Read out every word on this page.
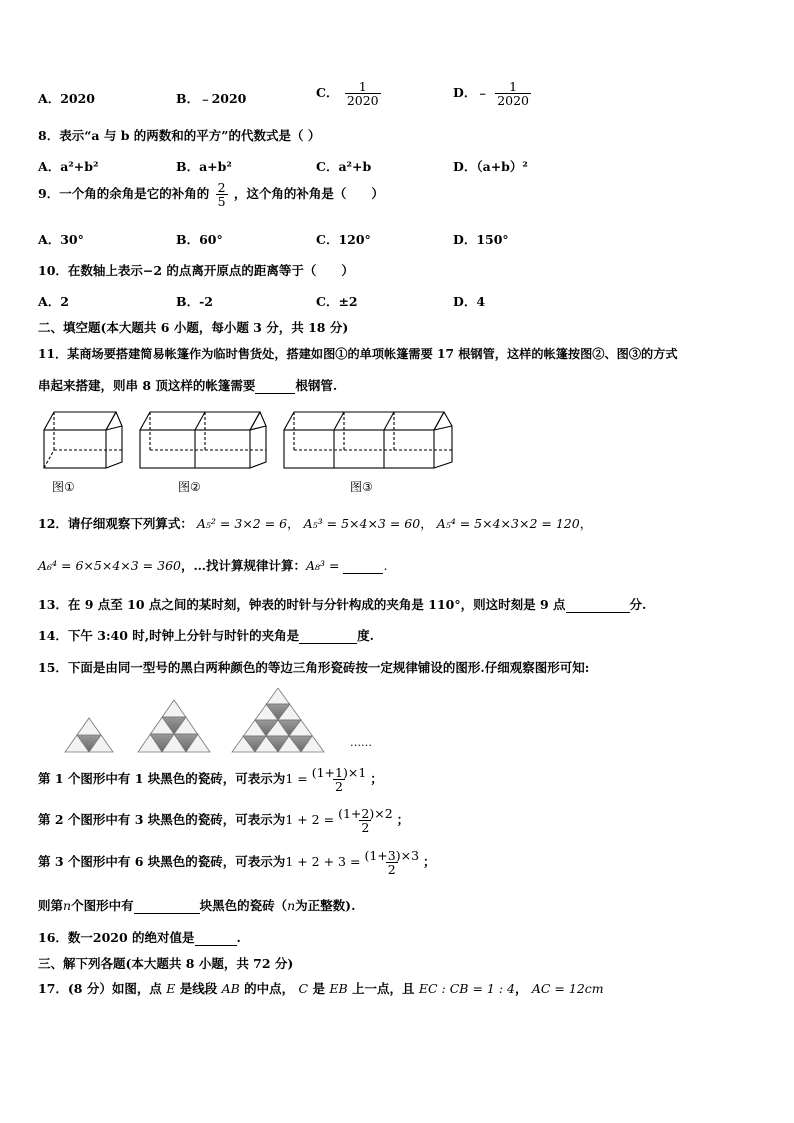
A．2020	B．﹣2020	C． $\frac{1}{2020}$	D．﹣ $\frac{1}{2020}$
8．表示“a 与 b 的两数和的平方”的代数式是（ ）
A．a²+b²	B．a+b²	C．a²+b	D．（a+b）²
9．一个角的余角是它的补角的 $\frac{2}{5}$ ，这个角的补角是（　　）
A．30°	B．60°	C．120°	D．150°
10．在数轴上表示−2 的点离开原点的距离等于（　　）
A．2	B．-2	C．±2	D．4
二、填空题(本大题共 6 小题，每小题 3 分，共 18 分)
11．某商场要搭建简易帐篷作为临时售货处，搭建如图①的单项帐篷需要 17 根钢管，这样的帐篷按图②、图③的方式
串起来搭建，则串 8 顶这样的帐篷需要	根钢管.
图①	图②	图③
12．请仔细观察下列算式： A₅² = 3×2 = 6， A₅³ = 5×4×3 = 60， A₅⁴ = 5×4×3×2 = 120，
A₆⁴ = 6×5×4×3 = 360，…找计算规律计算：A₈³ =	.
13．在 9 点至 10 点之间的某时刻，钟表的时针与分针构成的夹角是 110°，则这时刻是 9 点	分.
14．下午 3:40 时,时钟上分针与时针的夹角是	度.
15．下面是由同一型号的黑白两种颜色的等边三角形瓷砖按一定规律铺设的图形.仔细观察图形可知:
……
第 1 个图形中有 1 块黑色的瓷砖，可表示为$1 = \frac{(1+1)\times 1}{2}$ ；
第 2 个图形中有 3 块黑色的瓷砖，可表示为$1 + 2 = \frac{(1+2)\times 2}{2}$ ；
第 3 个图形中有 6 块黑色的瓷砖，可表示为$1 + 2 + 3 = \frac{(1+3)\times 3}{2}$ ；
则第n个图形中有	块黑色的瓷砖（n为正整数).
16．数一2020 的绝对值是	.
三、解下列各题(本大题共 8 小题，共 72 分)
17．(8 分）如图，点 E 是线段 AB 的中点， C 是 EB 上一点，且 EC : CB = 1 : 4， AC = 12cm
